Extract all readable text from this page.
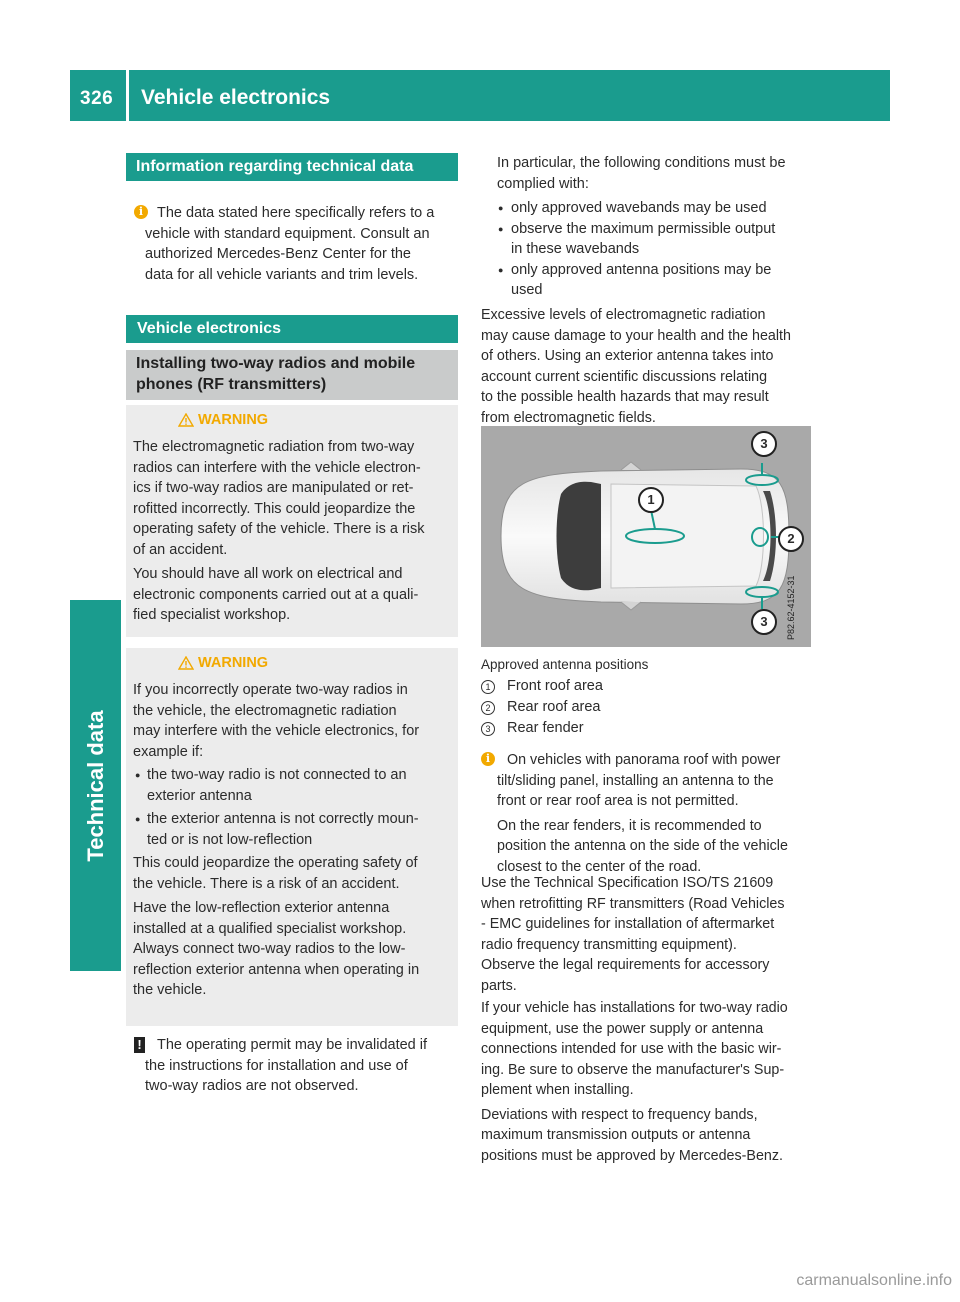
326 Vehicle electronics
Technical data
Information regarding technical data
i The data stated here specifically refers to a
vehicle with standard equipment. Consult an
authorized Mercedes-Benz Center for the
data for all vehicle variants and trim levels.
Vehicle electronics
Installing two-way radios and mobile
phones (RF transmitters)
WARNING
The electromagnetic radiation from two-way
radios can interfere with the vehicle electron-
ics if two-way radios are manipulated or ret-
rofitted incorrectly. This could jeopardize the
operating safety of the vehicle. There is a risk
of an accident.
You should have all work on electrical and
electronic components carried out at a quali-
fied specialist workshop.
WARNING
If you incorrectly operate two-way radios in
the vehicle, the electromagnetic radiation
may interfere with the vehicle electronics, for
example if:
● the two-way radio is not connected to an
exterior antenna
● the exterior antenna is not correctly moun-
ted or is not low-reflection
This could jeopardize the operating safety of
the vehicle. There is a risk of an accident.
Have the low-reflection exterior antenna
installed at a qualified specialist workshop.
Always connect two-way radios to the low-
reflection exterior antenna when operating in
the vehicle.
!	The operating permit may be invalidated if
the instructions for installation and use of
two-way radios are not observed.
In particular, the following conditions must be
complied with:
● only approved wavebands may be used
● observe the maximum permissible output
in these wavebands
● only approved antenna positions may be
used
Excessive levels of electromagnetic radiation
may cause damage to your health and the health
of others. Using an exterior antenna takes into
account current scientific discussions relating
to the possible health hazards that may result
from electromagnetic fields.
1
3
2
3	P82.62-4152-31
Approved antenna positions
1	Front roof area
2	Rear roof area
3	Rear fender
i	On vehicles with panorama roof with power
tilt/sliding panel, installing an antenna to the
front or rear roof area is not permitted.
On the rear fenders, it is recommended to
position the antenna on the side of the vehicle
closest to the center of the road.
Use the Technical Specification ISO/TS 21609
when retrofitting RF transmitters (Road Vehicles
- EMC guidelines for installation of aftermarket
radio frequency transmitting equipment).
Observe the legal requirements for accessory
parts.
If your vehicle has installations for two-way radio
equipment, use the power supply or antenna
connections intended for use with the basic wir-
ing. Be sure to observe the manufacturer's Sup-
plement when installing.
Deviations with respect to frequency bands,
maximum transmission outputs or antenna
positions must be approved by Mercedes-Benz.
carmanualsonline.info
